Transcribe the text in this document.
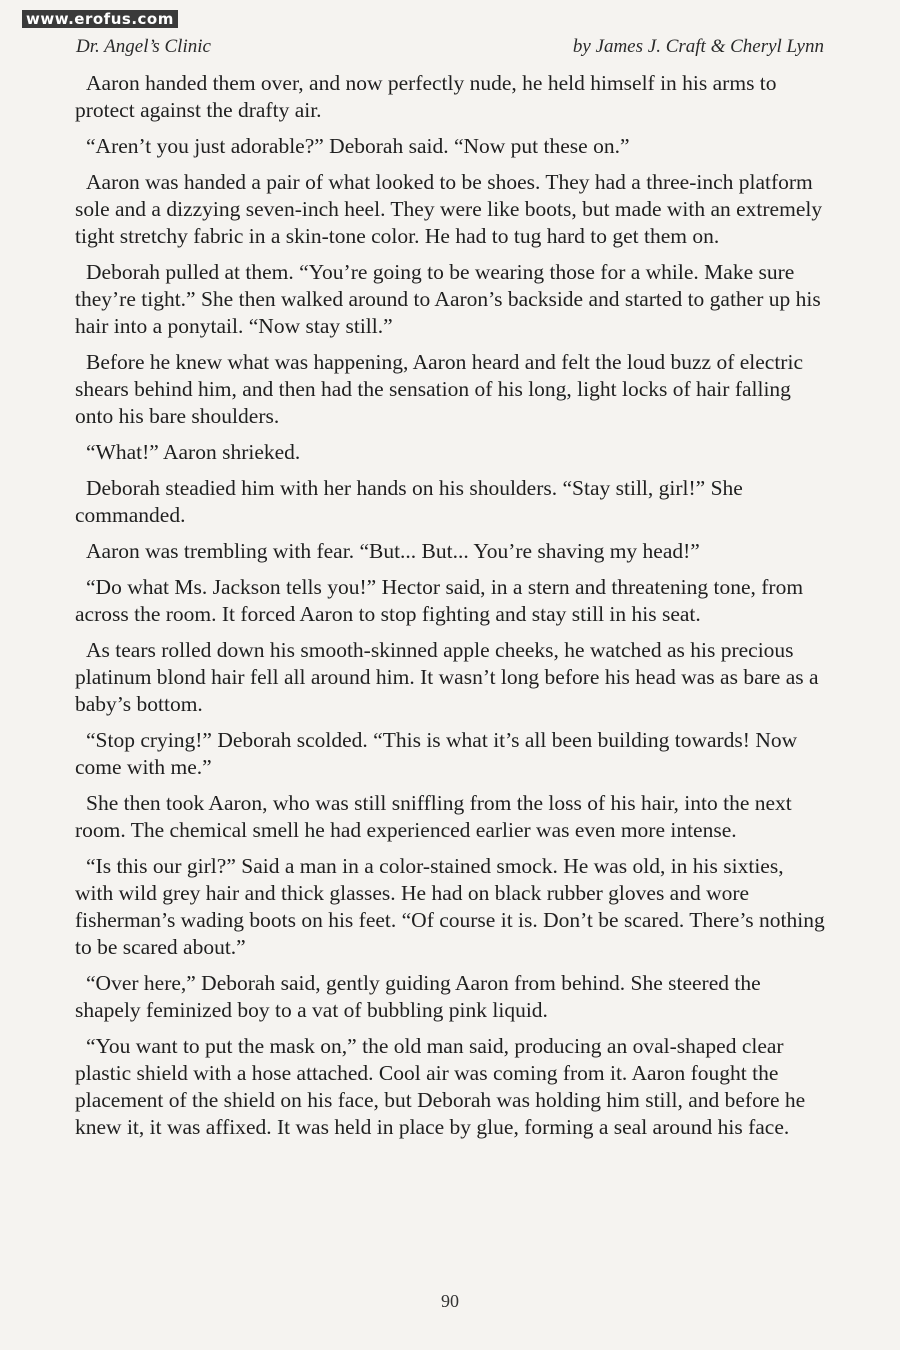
www.erofus.com
Dr. Angel’s Clinic	by James J. Craft & Cheryl Lynn

Aaron handed them over, and now perfectly nude, he held himself in his arms to protect against the drafty air.

“Aren’t you just adorable?” Deborah said. “Now put these on.”

Aaron was handed a pair of what looked to be shoes. They had a three-inch platform sole and a dizzying seven-inch heel. They were like boots, but made with an extremely tight stretchy fabric in a skin-tone color. He had to tug hard to get them on.

Deborah pulled at them. “You’re going to be wearing those for a while. Make sure they’re tight.” She then walked around to Aaron’s backside and started to gather up his hair into a ponytail. “Now stay still.”

Before he knew what was happening, Aaron heard and felt the loud buzz of electric shears behind him, and then had the sensation of his long, light locks of hair falling onto his bare shoulders.

“What!” Aaron shrieked.

Deborah steadied him with her hands on his shoulders. “Stay still, girl!” She commanded.

Aaron was trembling with fear. “But... But... You’re shaving my head!”

“Do what Ms. Jackson tells you!” Hector said, in a stern and threatening tone, from across the room. It forced Aaron to stop fighting and stay still in his seat.

As tears rolled down his smooth-skinned apple cheeks, he watched as his precious platinum blond hair fell all around him. It wasn’t long before his head was as bare as a baby’s bottom.

“Stop crying!” Deborah scolded. “This is what it’s all been building towards! Now come with me.”

She then took Aaron, who was still sniffling from the loss of his hair, into the next room. The chemical smell he had experienced earlier was even more intense.

“Is this our girl?” Said a man in a color-stained smock. He was old, in his sixties, with wild grey hair and thick glasses. He had on black rubber gloves and wore fisherman’s wading boots on his feet. “Of course it is. Don’t be scared. There’s nothing to be scared about.”

“Over here,” Deborah said, gently guiding Aaron from behind. She steered the shapely feminized boy to a vat of bubbling pink liquid.

“You want to put the mask on,” the old man said, producing an oval-shaped clear plastic shield with a hose attached. Cool air was coming from it. Aaron fought the placement of the shield on his face, but Deborah was holding him still, and before he knew it, it was affixed. It was held in place by glue, forming a seal around his face.

90
